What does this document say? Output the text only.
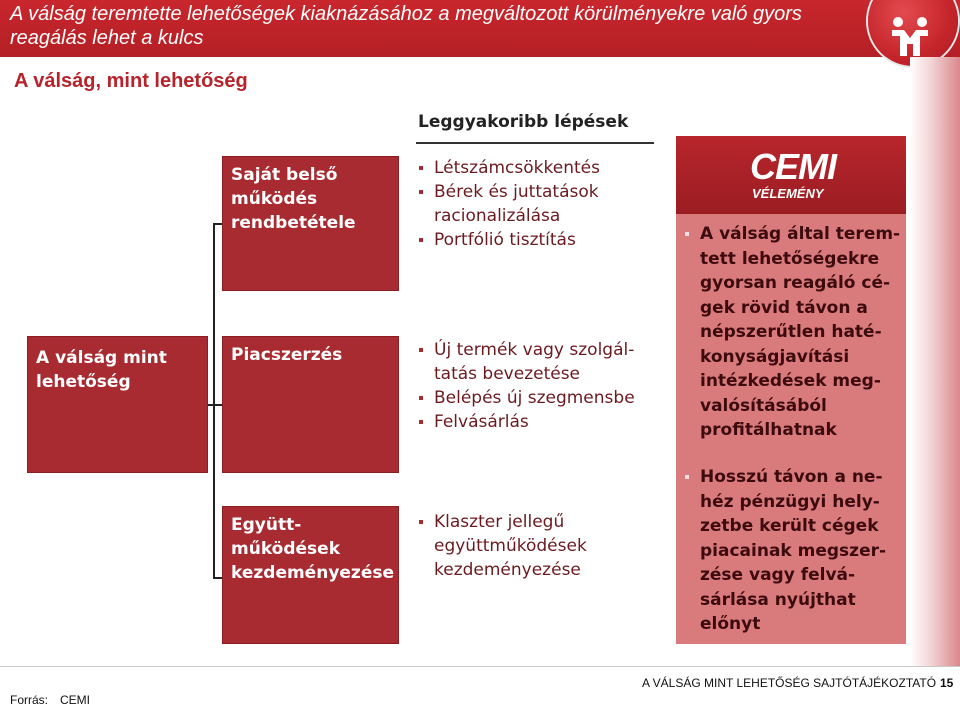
A válság teremtette lehetőségek kiaknázásához a megváltozott körülményekre való gyors reagálás lehet a kulcs
A válság, mint lehetőség
Leggyakoribb lépések
A válság mint
lehetőség
Saját belső
működés
rendbetétele
Piacszerzés
Együtt-
működések
kezdeményezése
Létszámcsökkentés
Bérek és juttatások
racionalizálása
Portfólió tisztítás
Új termék vagy szolgál-
tatás bevezetése
Belépés új szegmensbe
Felvásárlás
Klaszter jellegű
együttműködések
kezdeményezése
CEMI
VÉLEMÉNY
A válság által terem-
tett lehetőségekre
gyorsan reagáló cé-
gek rövid távon a
népszerűtlen haté-
konyságjavítási
intézkedések meg-
valósításából
profitálhatnak
Hosszú távon a ne-
héz pénzügyi hely-
zetbe került cégek
piacainak megszer-
zése vagy felvá-
sárlása nyújthat
előnyt
A VÁLSÁG MINT LEHETŐSÉG SAJTÓTÁJÉKOZTATÓ 15
Forrás: CEMI
